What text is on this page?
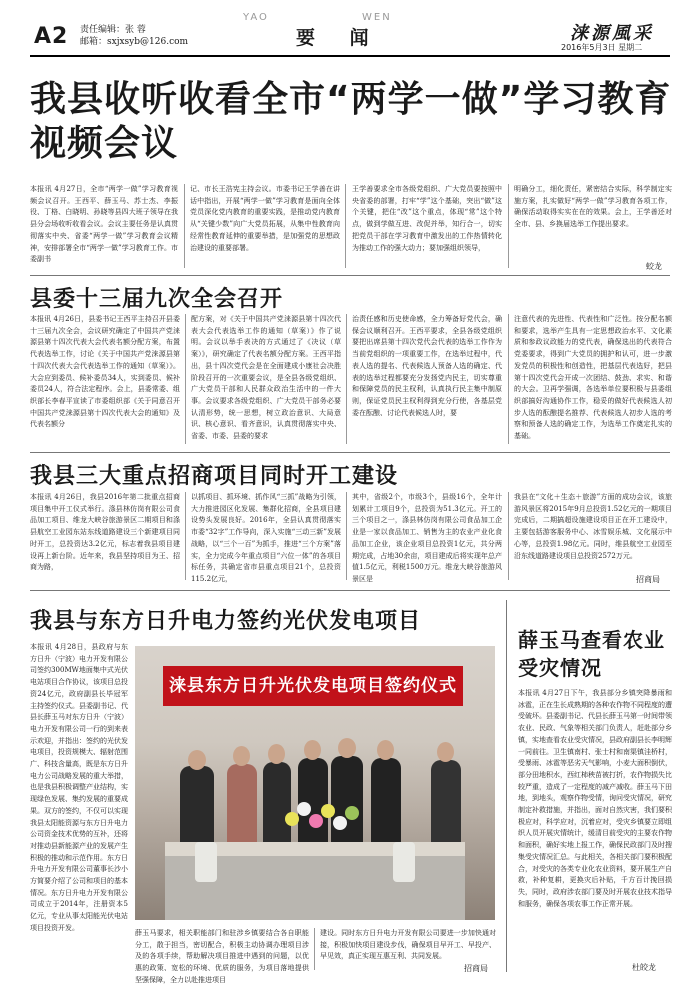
A2 责任编辑：张 蓉
邮箱：sxjxsyb@126.com
YAO	WEN
要 闻	涞源風采
2016年5月3日 星期二
我县收听收看全市“两学一做”学习教育视频会议
本报讯 4月27日，全市“两学一做”学习教育视频会议召开。王西平、薛玉马、苏士杰、李振役、丁格、白晓明、孙晓等县四大班子领导在我县分会场收听收看会议。会议主要任务是认真贯彻落实中央、省委“两学一做”学习教育会议精神，安排部署全市“两学一做”学习教育工作。市委副书
记、市长王浩宪主持会议。市委书记王学善在讲话中指出，开展“两学一做”学习教育是面向全体党员深化党内教育的重要实践，是推动党内教育从“关键少数”向广大党员拓展，从集中性教育向经常性教育延伸的重要举措，是加强党的思想政治建设的重要部署。
王学善要求全市各级党组织、广大党员要按照中央省委的部署，打牢“学”这个基础，突出“做”这个关键，把住“改”这个重点，体现“常”这个特点，做到学做互进、改促并举，知行合一，切实把党员干部在学习教育中激发出的工作热情转化为推动工作的强大动力；要加强组织领导，
明确分工，细化责任，紧密结合实际，科学制定实施方案，扎实做好“两学一做”学习教育各项工作，确保活动取得实实在在的效果。会上，王学善还对全市、县、乡换届选举工作提出要求。
蛟龙
县委十三届九次全会召开
本报讯 4月26日，县委书记王西平主持召开县委十三届九次全会，会议研究确定了中国共产党涞源县第十四次代表大会代表名额分配方案，布置代表选举工作，讨论《关于中国共产党涞源县第十四次代表大会代表选举工作的通知（草案）》。大会应到委员、候补委员34人，实到委员、候补委员24人，符合法定程序。会上，县委常委、组织部长李春平宣读了市委组织部《关于同意召开中国共产党涞源县第十四次代表大会的通知》及代表名额分
配方案，对《关于中国共产党涞源县第十四次代表大会代表选举工作的通知（草案）》作了说明。会议以举手表决的方式通过了《决议（草案）》，研究确定了代表名额分配方案。王西平指出，县十四次党代会是在全面建成小康社会决胜阶段召开的一次重要会议，是全县各级党组织、广大党员干部和人民群众政治生活中的一件大事。会议要求各级党组织、广大党员干部务必要认清形势，统一思想，树立政治意识、大局意识、核心意识、看齐意识，认真贯彻落实中央、省委、市委、县委的要求
治责任感和历史使命感，全力筹备好党代会，确保会议顺利召开。王西平要求，全县各级党组织要把出席县第十四次党代会代表的选举工作作为当前党组织的一项重要工作，在选举过程中，代表人选的提名、代表候选人预备人选的确定、代表的选举过程都要充分发扬党内民主，切实尊重和保障党员的民主权利，认真执行民主集中制原则，保证党员民主权利得到充分行使，各基层党委在酝酿、讨论代表候选人时，要
注意代表的先进性、代表性和广泛性。按分配名额和要求，选举产生具有一定思想政治水平、文化素质和参政议政能力的党代表，确保选出的代表符合党委要求，得到广大党员的拥护和认可，进一步激发党员的积极性和创造性，把基层代表选好，把县第十四次党代会开成一次团结、鼓劲、求实、和谐的大会。卫再学强调，各选举单位要积极与县委组织部搞好沟通协作工作，稳妥的做好代表候选人初步人选的酝酿提名推荐、代表候选人初步人选的考察和预备人选的确定工作，为选举工作奠定扎实的基础。
我县三大重点招商项目同时开工建设
本报讯 4月26日，我县2016年第二批重点招商项目集中开工仪式举行。涤县林仿岗有限公司食品加工项目、维龙大峡谷旅游景区二期项目和涤县航空工业园东站东线道路建设三个新建项目同时开工，总投资达3.2亿元，标志着我县项目建设再上新台阶。近年来，我县坚持项目为王、招商为路，
以抓项目、抓环境、抓作风“三抓”战略为引领，大力推进园区化发展、集群化招商，全县项目建设势头发展良好。2016年，全县认真贯彻落实市委“32字”工作导向，深入实施“三动三新”发展战略，以“三个一百”为抓手，推进“三个方案”落实，全力完成今年重点项目“六位一体”的各项目标任务，共确定省市县重点项目21个，总投资115.2亿元，
其中，省级2个，市级3个，县级16个，全年计划累计工项目9个，总投资为51.3亿元。开工的三个项目之一，涤县林仿岗有限公司食品加工企业是一家以食品加工、销售为主的农业产业化食品加工企业，该企业项目总投资1亿元，共分两期完成，占地30余亩，项目建成后将实现年总产值1.5亿元，利税1500万元。维龙大峡谷旅游风景区是
我县在“文化＋生态＋旅游”方面的成功会议，该旅游风景区将2015年9月总投资1.52亿元的一期项目完成后，二期搞超设施建设项目正在开工建设中，主要包括游客服务中心、冰雪娱乐城、文化展示中心等，总投资1.98亿元。同时，维县航空工业园至沿东线道路建设项目总投资2572万元。
招商局
我县与东方日升电力签约光伏发电项目
本报讯 4月28日，县政府与东方日升（宁波）电力开发有限公司签约300MW地面集中式光伏电站项目合作协议，该项目总投资24亿元，政府副县长毕冠军主持签约仪式。县委副书记、代县长薛玉马对东方日升（宁波）电力开发有限公司一行的到来表示欢迎，并指出：签约的光伏发电项目，投资规模大、辐射范围广、科技含量高，既是东方日升电力公司战略发展的重大举措，也是我县积极调整产业结构，实现绿色发展、集约发展的重要成果。双方的签约，不仅可以实现我县太阳能资源与东方日升电力公司资金技术优势的互补，还将对推动县新能源产业的发展产生积极的推动和示范作用。东方日升电力开发有限公司董事长沙小方简要介绍了公司和项目的基本情况。东方日升电力开发有限公司成立于2014年，注册资本5亿元，专业从事太阳能光伏电站项目投资开发。
涞县东方日升光伏发电项目签约仪式
薛玉马要求，相关职能部门和驻涉乡镇要结合各自职能分工，散于担当，密切配合，积极主动协调办理项目涉及的各项手续，帮助解决项目推进中遇到的问题，以优惠的政策、宽松的环境、优质的服务，为项目落地提供坚强保障，全力以赴推进项目
建设。同时东方日升电力开发有限公司要进一步加快通对接，积极加快项目建设步伐，确保项目早开工、早投产、早见效，真正实现互惠互利、共同发展。
招商局
薛玉马查看农业受灾情况
本报讯 4月27日下午，我县部分乡镇突降暴雨和冰雹，正在生长成熟期的各种农作物不同程度的遭受破坏。县委副书记、代县长薛玉马第一时间带领农业、民政、气象等相关部门负责人，赶赴部分乡镇，实地查看农业受灾情况，县政府副县长李明辉一同前往。卫生镇南村、张士村和南渠镇洼桥村，受暴雨、冰雹等恶劣天气影响，小麦大面积倒伏，部分田地积水，西红柿秧苗被打折，农作物损失比较严重，造成了一定程度的减产减收。薛玉马下田地，到地头，观察作物受情，询问受灾情况，研究制定补救措施，并指出，面对自然灾害，我们要积极应对，科学应对，沉着应对，受灾乡镇要立即组织人员开展灾情统计，缓清目前受灾的主要农作物和面积，确好实地上报工作，确保民政部门及时搜集受灾情况汇总。与此相关，各相关部门要积极配合，对受灾的各类专业化农业资料，要开展生产自救，补种复耕，更换灾后补贴，千方百计挽回损失，同时，政府涉农部门要及时开展农业技术指导和服务，确保各项农事工作正常开展。
杜皎龙
